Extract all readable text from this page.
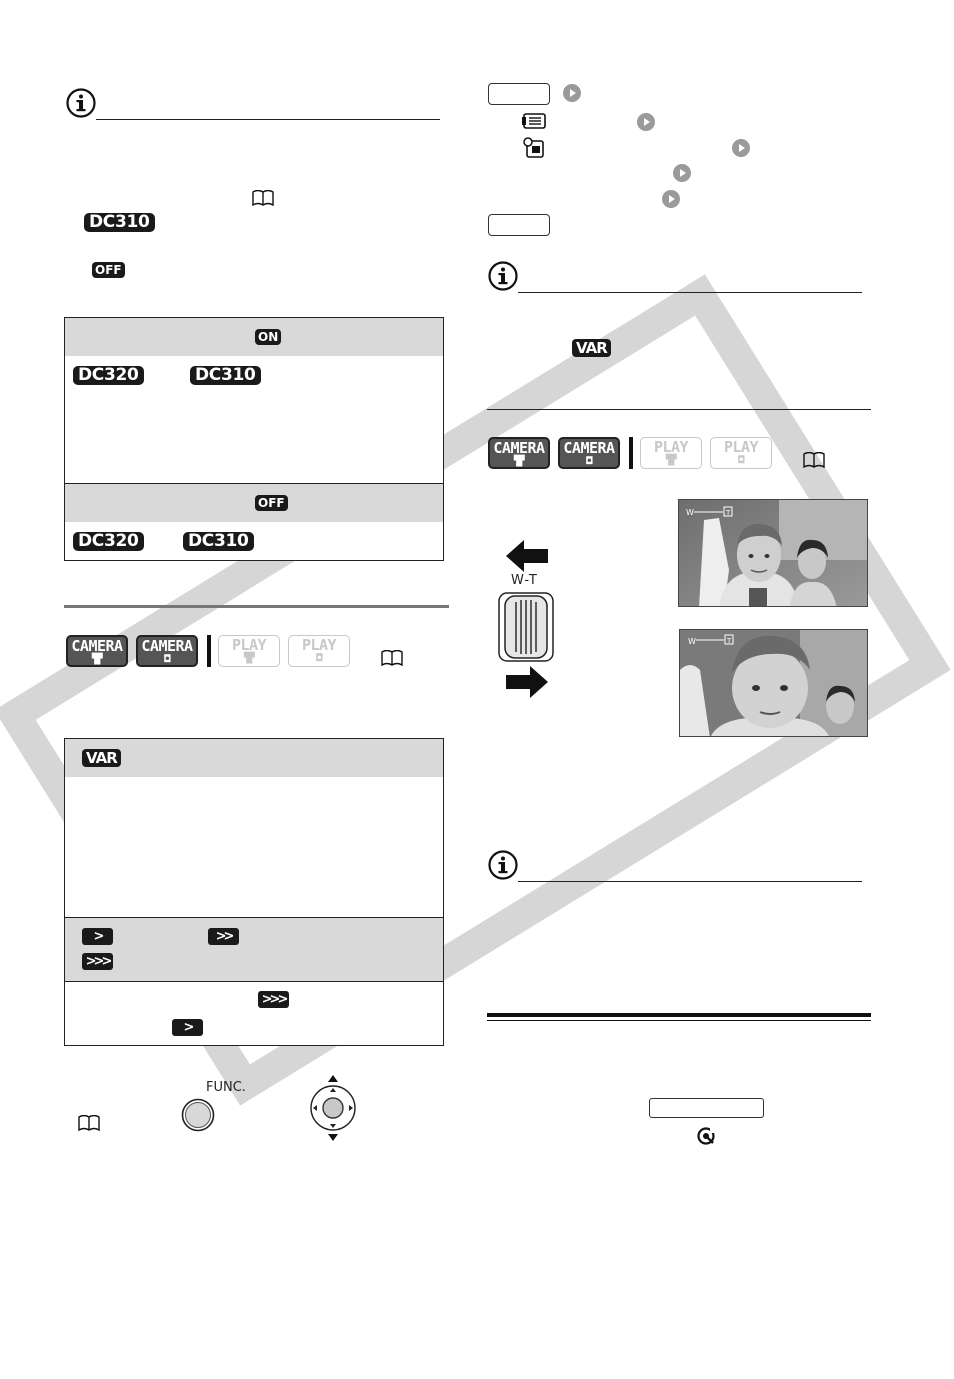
DC310
OFF
ON
DC320	DC310
OFF
DC320	DC310
CAMERA
▝█▘
CAMERA
◘
PLAY
▝█▘
PLAY
◘
VAR
>	>>
>>>
>>>
>
FUNC.
VAR
CAMERA
▝█▘
CAMERA
◘
PLAY
▝█▘
PLAY
◘
W-T
W	T
W	T
